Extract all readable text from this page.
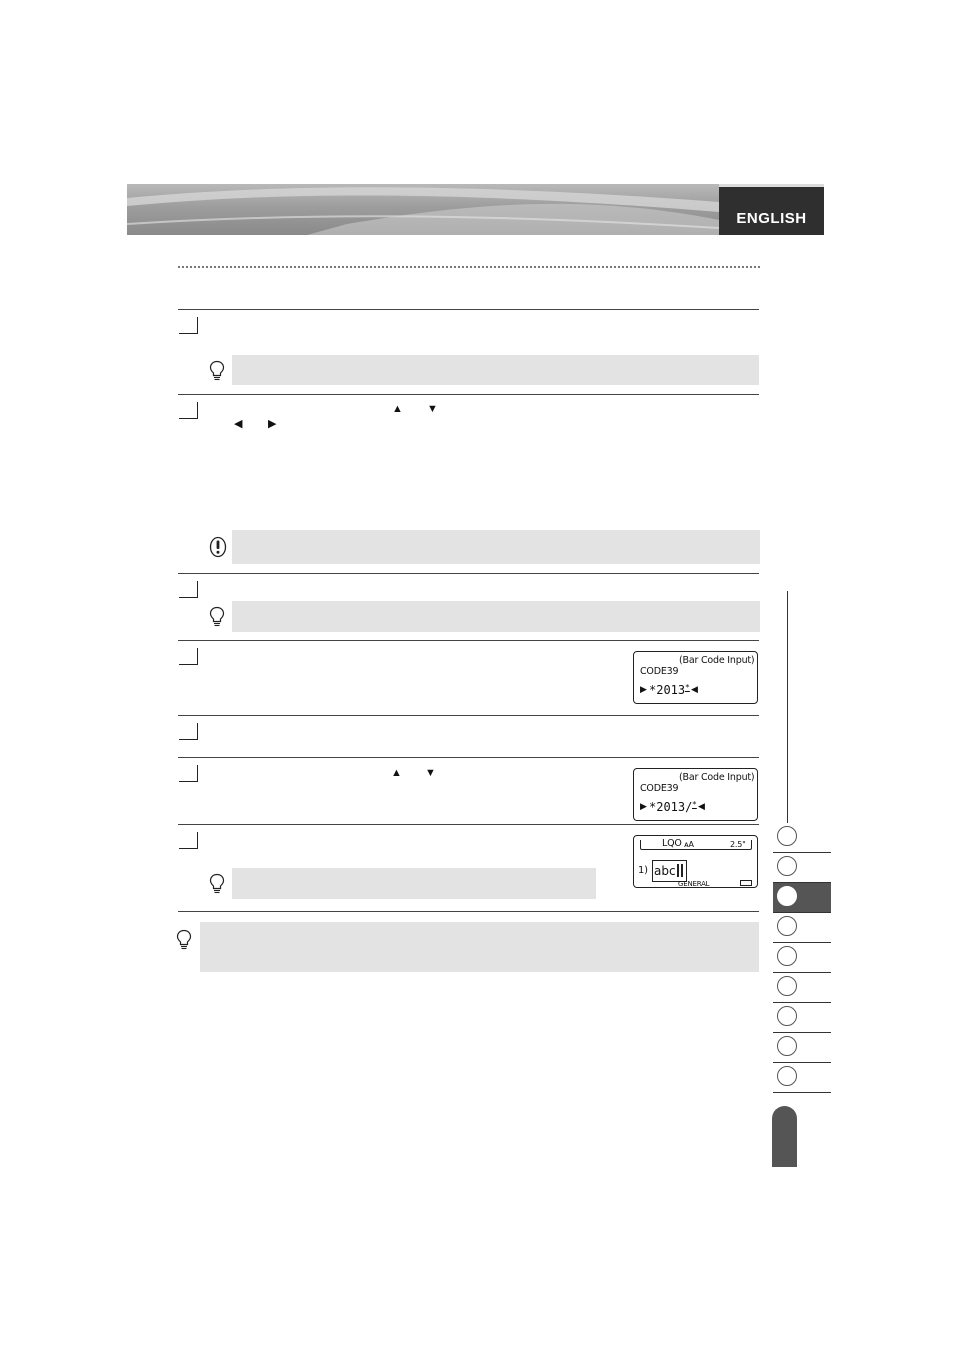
ENGLISH
▲ ▼
◀ ▶
(Bar Code Input)
CODE39
▶ *2013 * ◀
▲ ▼	(Bar Code Input)
CODE39
▶ *2013/ * ◀
LQO ᴀA	2.5"
1) abc
GENERAL
